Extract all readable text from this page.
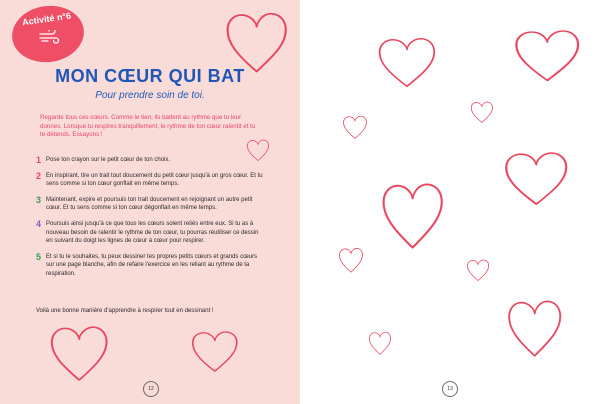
Activité n°6
MON CŒUR QUI BAT

Pour prendre soin de toi.

Regarde tous ces cœurs. Comme le tien, ils battent au rythme que tu leur donnes. Lorsque tu respires tranquillement, le rythme de ton cœur ralentit et tu te détends. Essayons !

1 Pose ton crayon sur le petit cœur de ton choix.
2 En inspirant, tire un trait tout doucement du petit cœur jusqu'à un gros cœur. Et tu sens comme si ton cœur gonflait en même temps.
3 Maintenant, expire et poursuis ton trait doucement en rejoignant un autre petit cœur. Et tu sens comme si ton cœur dégonflait en même temps.
4 Poursuis ainsi jusqu'à ce que tous les cœurs soient reliés entre eux. Si tu as à nouveau besoin de ralentir le rythme de ton cœur, tu pourras réutiliser ce dessin en suivant du doigt les lignes de cœur à cœur pour respirer.
5 Et si tu le souhaites, tu peux dessiner tes propres petits cœurs et grands cœurs sur une page blanche, afin de refaire l'exercice en les reliant au rythme de ta respiration.

Voilà une bonne manière d'apprendre à respirer tout en dessinant !

12	13
